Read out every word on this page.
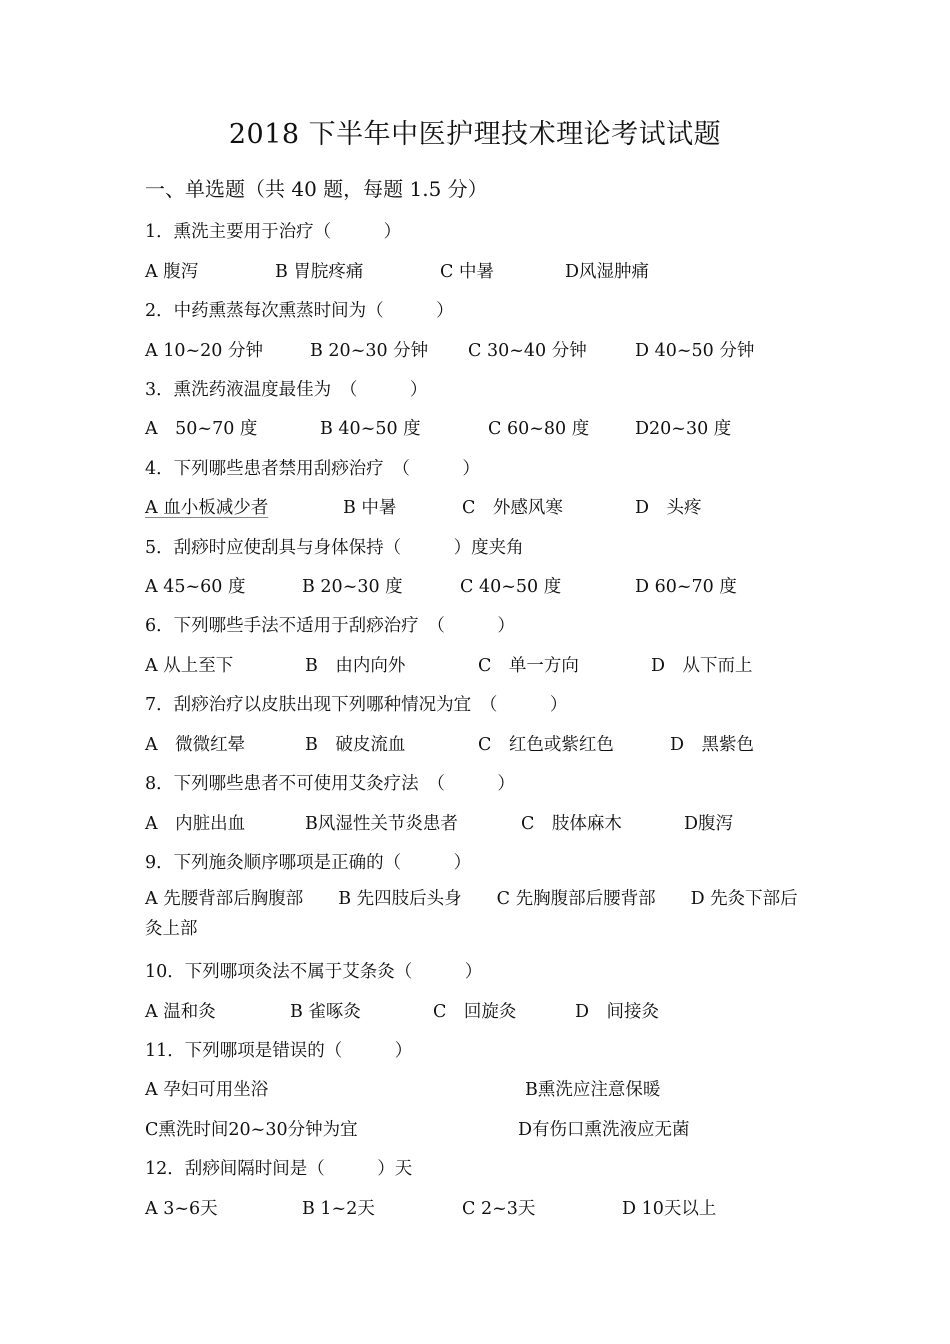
2018 下半年中医护理技术理论考试试题
一、单选题（共 40 题，每题 1.5 分）
1．熏洗主要用于治疗（　　　）
A 腹泻	B 胃脘疼痛	C 中暑	D风湿肿痛
2．中药熏蒸每次熏蒸时间为（　　　）
A 10~20 分钟	B 20~30 分钟 C 30~40 分钟	D 40~50 分钟
3．熏洗药液温度最佳为　（　　　）
A　50~70 度	B 40~50 度	C 60~80 度	D20~30 度
4．下列哪些患者禁用刮痧治疗　（　　　）
A 血小板减少者	B 中暑	C　外感风寒	D　头疼
5．刮痧时应使刮具与身体保持（　　　）度夹角
A 45~60 度	B 20~30 度	C 40~50 度	D 60~70 度
6．下列哪些手法不适用于刮痧治疗　（　　　）
A 从上至下	B　由内向外	C　单一方向	D　从下而上
7．刮痧治疗以皮肤出现下列哪种情况为宜　（　　　）
A　微微红晕	B　破皮流血	C　红色或紫红色	D　黑紫色
8．下列哪些患者不可使用艾灸疗法　（　　　）
A　内脏出血	B风湿性关节炎患者	C　肢体麻木	D腹泻
9．下列施灸顺序哪项是正确的（　　　）
A 先腰背部后胸腹部　　B 先四肢后头身　　C 先胸腹部后腰背部　　D 先灸下部后灸上部
10．下列哪项灸法不属于艾条灸（　　　）
A 温和灸	B 雀啄灸	C　回旋灸	D　间接灸
11．下列哪项是错误的（　　　）
A 孕妇可用坐浴	B熏洗应注意保暖
C熏洗时间20~30分钟为宜	D有伤口熏洗液应无菌
12．刮痧间隔时间是（　　　）天
A 3~6天	B 1~2天	C 2~3天	D 10天以上
